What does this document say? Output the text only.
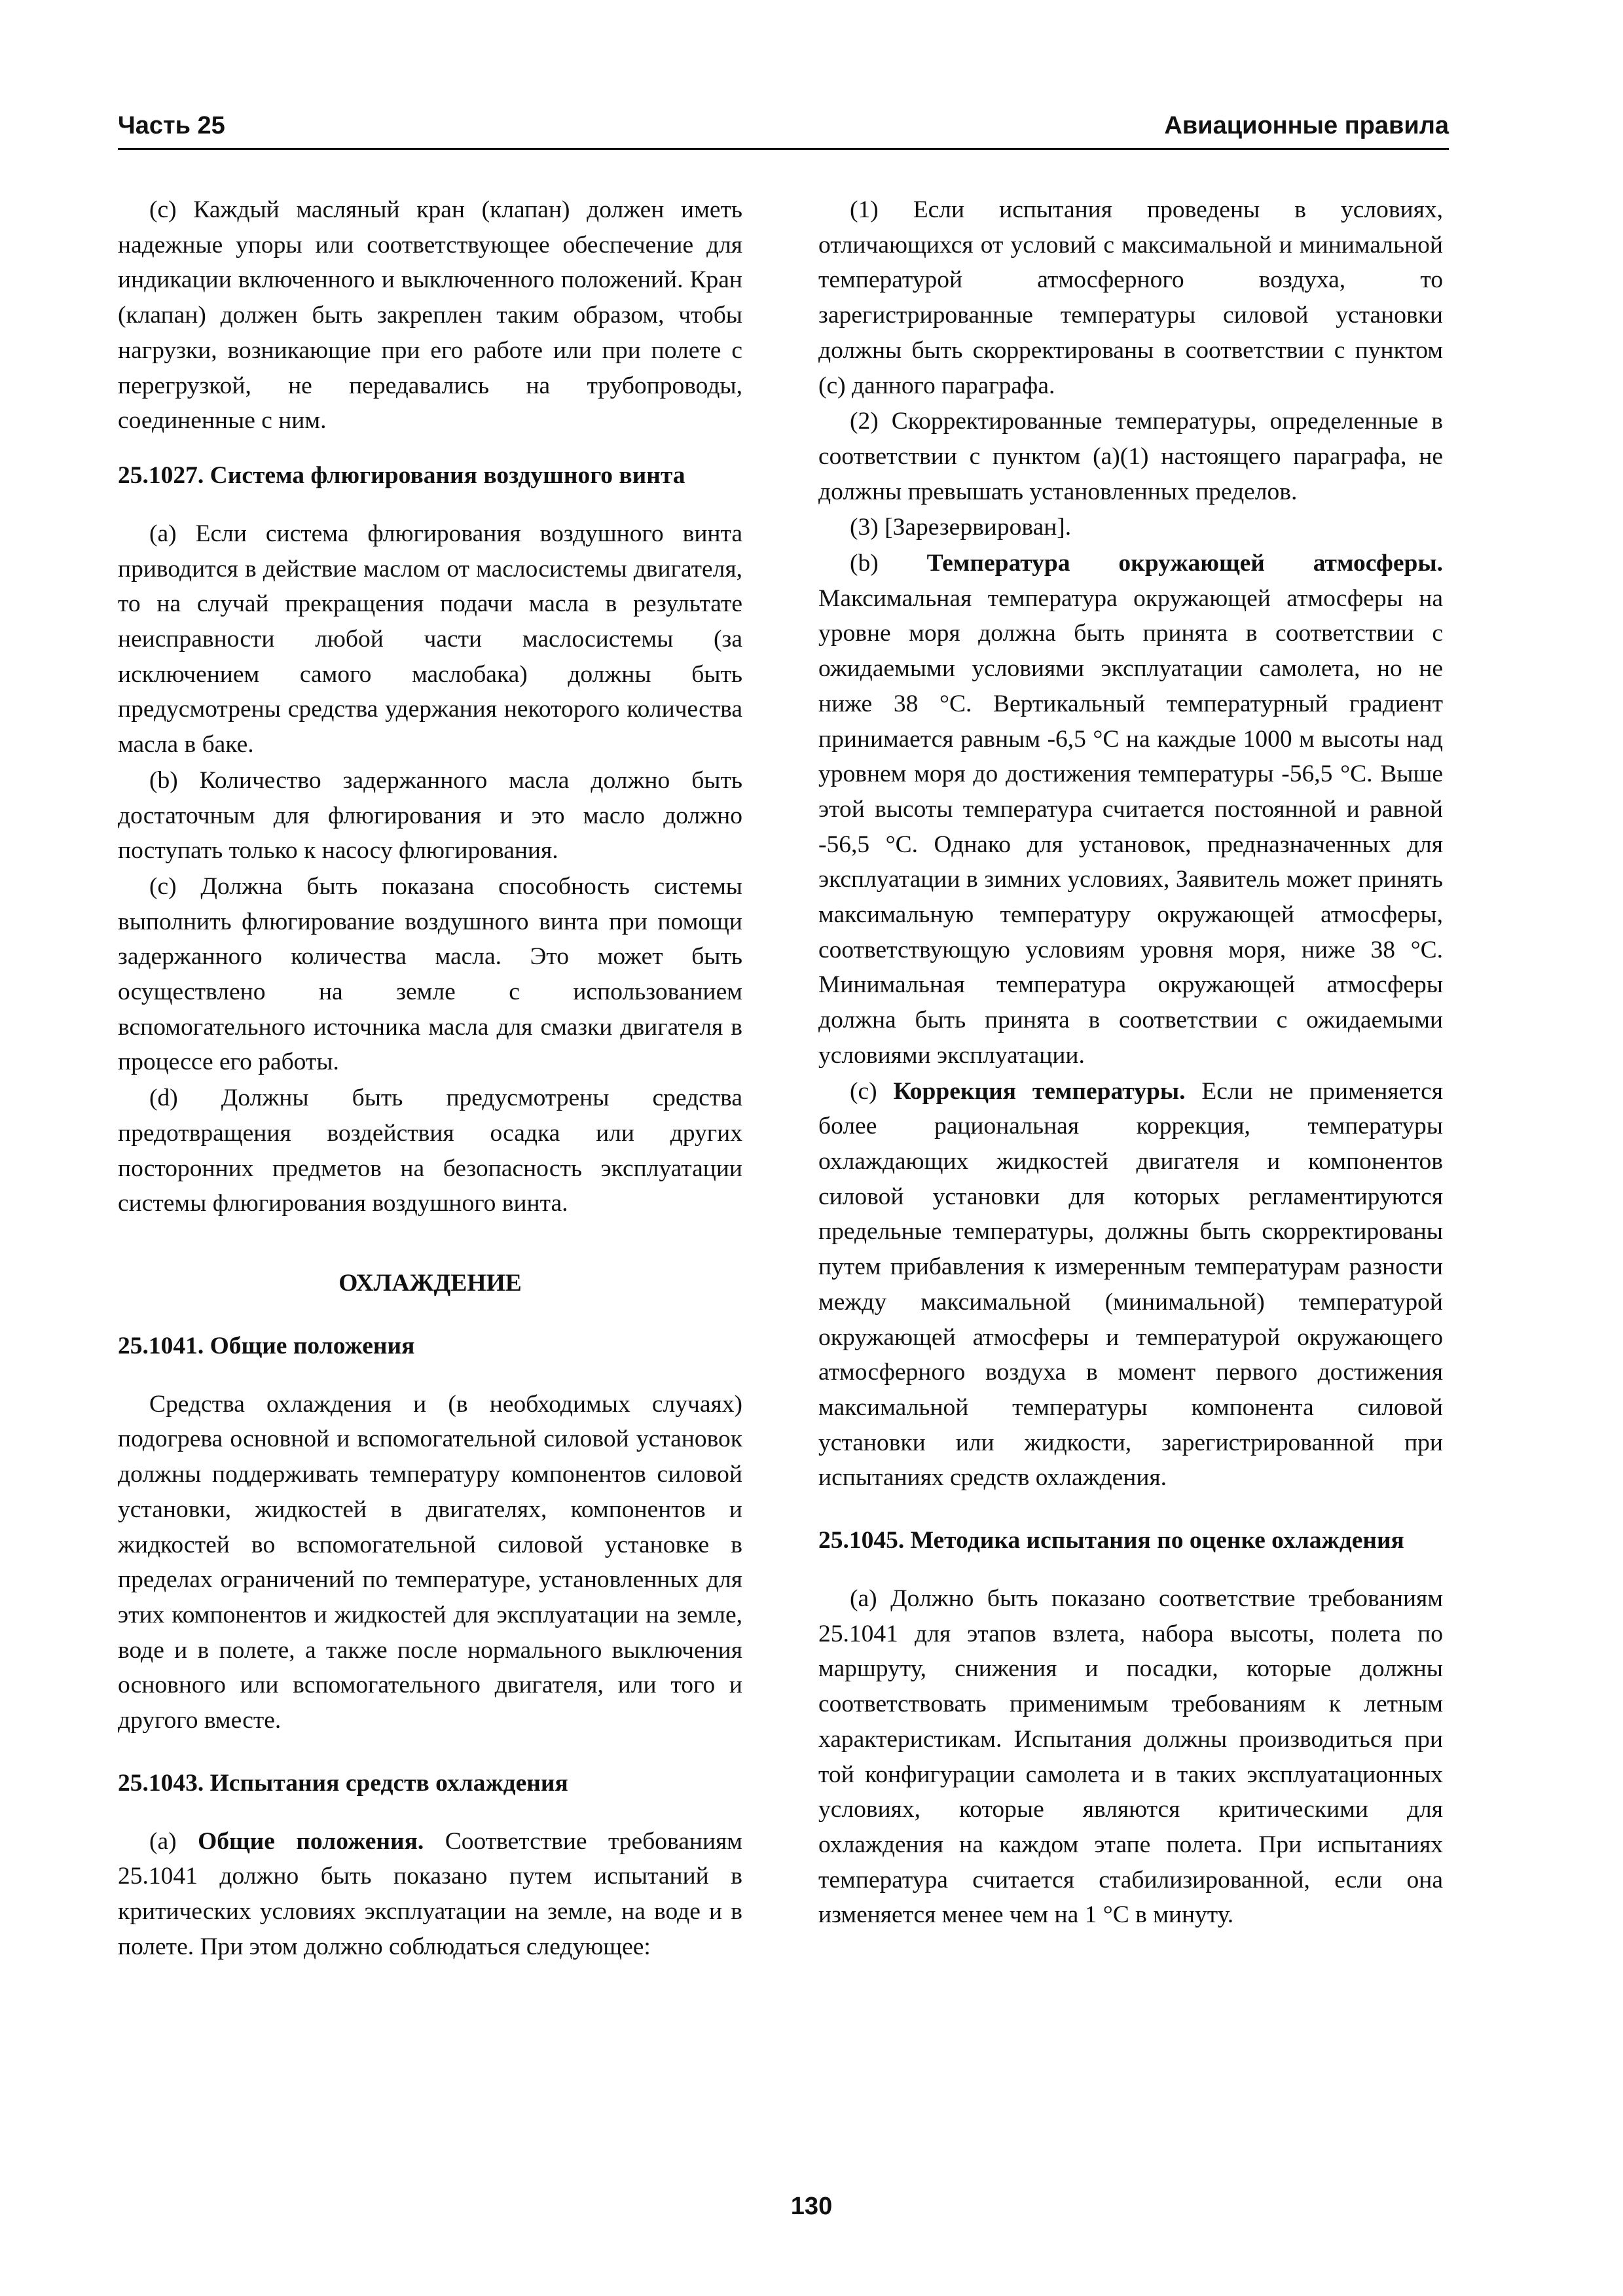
Часть 25	Авиационные правила

(с) Каждый масляный кран (клапан) должен иметь надежные упоры или соответствующее обеспечение для индикации включенного и выключенного положений. Кран (клапан) должен быть закреплен таким образом, чтобы нагрузки, возникающие при его работе или при полете с перегрузкой, не передавались на трубопроводы, соединенные с ним.

25.1027. Система флюгирования воздушного винта

(a) Если система флюгирования воздушного винта приводится в действие маслом от маслосистемы двигателя, то на случай прекращения подачи масла в результате неисправности любой части маслосистемы (за исключением самого маслобака) должны быть предусмотрены средства удержания некоторого количества масла в баке.

(b) Количество задержанного масла должно быть достаточным для флюгирования и это масло должно поступать только к насосу флюгирования.

(c) Должна быть показана способность системы выполнить флюгирование воздушного винта при помощи задержанного количества масла. Это может быть осуществлено на земле с использованием вспомогательного источника масла для смазки двигателя в процессе его работы.

(d) Должны быть предусмотрены средства предотвращения воздействия осадка или других посторонних предметов на безопасность эксплуатации системы флюгирования воздушного винта.

ОХЛАЖДЕНИЕ
25.1041. Общие положения

Средства охлаждения и (в необходимых случаях) подогрева основной и вспомогательной силовой установок должны поддерживать температуру компонентов силовой установки, жидкостей в двигателях, компонентов и жидкостей во вспомогательной силовой установке в пределах ограничений по температуре, установленных для этих компонентов и жидкостей для эксплуатации на земле, воде и в полете, а также после нормального выключения основного или вспомогательного двигателя, или того и другого вместе.

25.1043. Испытания средств охлаждения

(a) Общие положения. Соответствие требованиям 25.1041 должно быть показано путем испытаний в критических условиях эксплуатации на земле, на воде и в полете. При этом должно соблюдаться следующее:

(1) Если испытания проведены в условиях, отличающихся от условий с максимальной и минимальной температурой атмосферного воздуха, то зарегистрированные температуры силовой установки должны быть скорректированы в соответствии с пунктом (с) данного параграфа.

(2) Скорректированные температуры, определенные в соответствии с пунктом (a)(1) настоящего параграфа, не должны превышать установленных пределов.

(3) [Зарезервирован].

(b) Температура окружающей атмосферы. Максимальная температура окружающей атмосферы на уровне моря должна быть принята в соответствии с ожидаемыми условиями эксплуатации самолета, но не ниже 38 °С. Вертикальный температурный градиент принимается равным -6,5 °С на каждые 1000 м высоты над уровнем моря до достижения температуры -56,5 °С. Выше этой высоты температура считается постоянной и равной -56,5 °С. Однако для установок, предназначенных для эксплуатации в зимних условиях, Заявитель может принять максимальную температуру окружающей атмосферы, соответствующую условиям уровня моря, ниже 38 °С. Минимальная температура окружающей атмосферы должна быть принята в соответствии с ожидаемыми условиями эксплуатации.

(с) Коррекция температуры. Если не применяется более рациональная коррекция, температуры охлаждающих жидкостей двигателя и компонентов силовой установки для которых регламентируются предельные температуры, должны быть скорректированы путем прибавления к измеренным температурам разности между максимальной (минимальной) температурой окружающей атмосферы и температурой окружающего атмосферного воздуха в момент первого достижения максимальной температуры компонента силовой установки или жидкости, зарегистрированной при испытаниях средств охлаждения.

25.1045. Методика испытания по оценке охлаждения

(a) Должно быть показано соответствие требованиям 25.1041 для этапов взлета, набора высоты, полета по маршруту, снижения и посадки, которые должны соответствовать применимым требованиям к летным характеристикам. Испытания должны производиться при той конфигурации самолета и в таких эксплуатационных условиях, которые являются критическими для охлаждения на каждом этапе полета. При испытаниях температура считается стабилизированной, если она изменяется менее чем на 1 °С в минуту.

130
